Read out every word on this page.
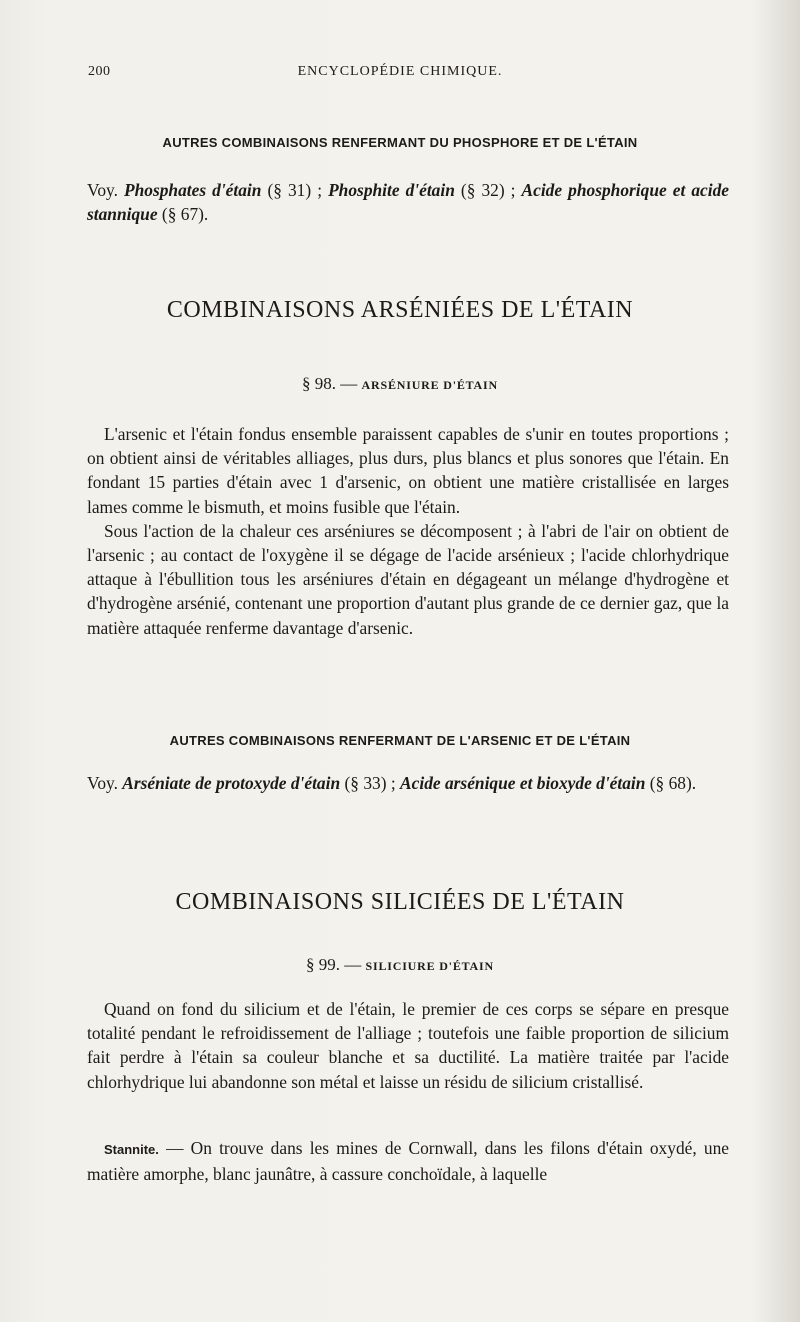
200	ENCYCLOPÉDIE CHIMIQUE.
AUTRES COMBINAISONS RENFERMANT DU PHOSPHORE ET DE L'ÉTAIN

Voy. Phosphates d'étain (§ 31) ; Phosphite d'étain (§ 32) ; Acide phosphorique et acide stannique (§ 67).

COMBINAISONS ARSÉNIÉES DE L'ÉTAIN
§ 98. — ARSÉNIURE D'ÉTAIN

L'arsenic et l'étain fondus ensemble paraissent capables de s'unir en toutes proportions ; on obtient ainsi de véritables alliages, plus durs, plus blancs et plus sonores que l'étain. En fondant 15 parties d'étain avec 1 d'arsenic, on obtient une matière cristallisée en larges lames comme le bismuth, et moins fusible que l'étain.

Sous l'action de la chaleur ces arséniures se décomposent ; à l'abri de l'air on obtient de l'arsenic ; au contact de l'oxygène il se dégage de l'acide arsénieux ; l'acide chlorhydrique attaque à l'ébullition tous les arséniures d'étain en dégageant un mélange d'hydrogène et d'hydrogène arsénié, contenant une proportion d'autant plus grande de ce dernier gaz, que la matière attaquée renferme davantage d'arsenic.

AUTRES COMBINAISONS RENFERMANT DE L'ARSENIC ET DE L'ÉTAIN

Voy. Arséniate de protoxyde d'étain (§ 33) ; Acide arsénique et bioxyde d'étain (§ 68).

COMBINAISONS SILICIÉES DE L'ÉTAIN
§ 99. — SILICIURE D'ÉTAIN

Quand on fond du silicium et de l'étain, le premier de ces corps se sépare en presque totalité pendant le refroidissement de l'alliage ; toutefois une faible proportion de silicium fait perdre à l'étain sa couleur blanche et sa ductilité. La matière traitée par l'acide chlorhydrique lui abandonne son métal et laisse un résidu de silicium cristallisé.

Stannite. — On trouve dans les mines de Cornwall, dans les filons d'étain oxydé, une matière amorphe, blanc jaunâtre, à cassure conchoïdale, à laquelle
